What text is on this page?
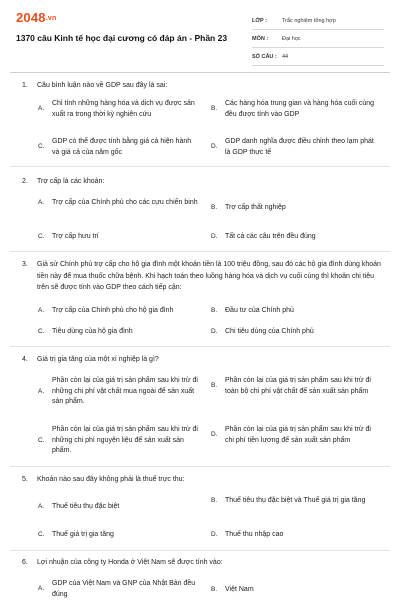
2048.vn
1370 câu Kinh tế học đại cương có đáp án - Phần 23
LỚP :	Trắc nghiệm tổng hợp
MÔN :	Đại học
SỐ CÂU : 44
1.	Câu bình luận nào về GDP sau đây là sai:
A.
Chỉ tính những hàng hóa và dịch vụ được sản xuất ra trong thời kỳ nghiên cứu
B.
Các hàng hóa trung gian và hàng hóa cuối cùng đều được tính vào GDP
C.
GDP có thể được tính bằng giá cả hiện hành và giá cả của năm gốc
D.
GDP danh nghĩa được điều chỉnh theo lạm phát là GDP thực tế
2.	Trợ cấp là các khoản:
A.	Trợ cấp của Chính phủ cho các cựu chiến binh
B.	Trợ cấp thất nghiệp
C.	Trợ cấp hưu trí	D.	Tất cả các câu trên đều đúng
3.	Giả sử Chính phủ trợ cấp cho hộ gia đình một khoản tiền là 100 triệu đồng, sau đó các hộ gia đình dùng khoản tiền này để mua thuốc chữa bệnh. Khi hạch toán theo luồng hàng hóa và dịch vụ cuối cùng thì khoản chi tiêu trên sẽ được tính vào GDP theo cách tiếp cận:
A.	Trợ cấp của Chính phủ cho hộ gia đình	B.	Đầu tư của Chính phủ
C.	Tiêu dùng của hộ gia đình	D.	Chi tiêu dùng của Chính phủ
4.	Giá trị gia tăng của một xí nghiệp là gì?
A.
Phần còn lại của giá trị sản phẩm sau khi trừ đi những chi phí vật chất mua ngoài để sản xuất sản phẩm.
B.
Phần còn lại của giá trị sản phẩm sau khi trừ đi toàn bộ chi phí vật chất để sản xuất sản phẩm
C.
Phần còn lại của giá trị sản phẩm sau khi trừ đi những chi phí nguyên liệu để sản xuất sản phẩm.
D.
Phần còn lại của giá trị sản phẩm sau khi trừ đi chi phí tiền lương để sản xuất sản phẩm
5.	Khoản nào sau đây không phải là thuế trực thu:
A.	Thuế tiêu thụ đặc biệt
B.	Thuế tiêu thụ đặc biệt và Thuế giá trị gia tăng
C.	Thuế giá trị gia tăng	D.	Thuế thu nhập cao
6.	Lợi nhuận của công ty Honda ở Việt Nam sẽ được tính vào:
A.
GDP của Việt Nam và GNP của Nhật Bản đều đúng
B.	Việt Nam
